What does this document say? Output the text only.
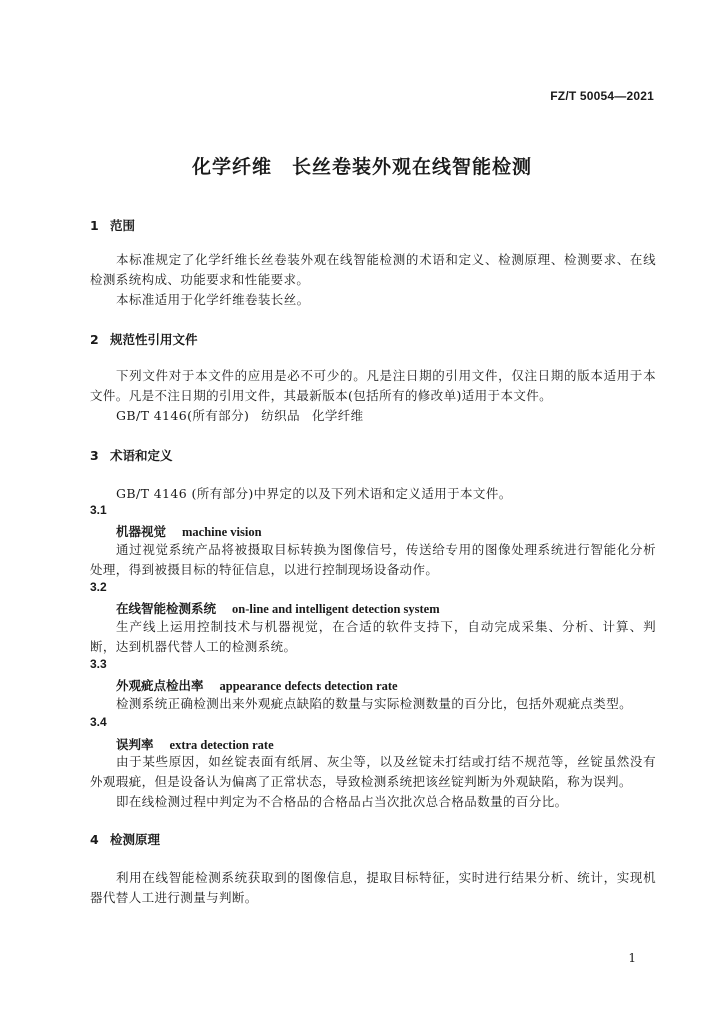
FZ/T 50054—2021
化学纤维 长丝卷装外观在线智能检测
1 范围
本标准规定了化学纤维长丝卷装外观在线智能检测的术语和定义、检测原理、检测要求、在线检测系统构成、功能要求和性能要求。
本标准适用于化学纤维卷装长丝。
2 规范性引用文件
下列文件对于本文件的应用是必不可少的。凡是注日期的引用文件，仅注日期的版本适用于本文件。凡是不注日期的引用文件，其最新版本(包括所有的修改单)适用于本文件。
GB/T 4146(所有部分) 纺织品 化学纤维
3 术语和定义
GB/T 4146 (所有部分)中界定的以及下列术语和定义适用于本文件。
3.1
机器视觉 machine vision
通过视觉系统产品将被摄取目标转换为图像信号，传送给专用的图像处理系统进行智能化分析处理，得到被摄目标的特征信息，以进行控制现场设备动作。
3.2
在线智能检测系统 on-line and intelligent detection system
生产线上运用控制技术与机器视觉，在合适的软件支持下，自动完成采集、分析、计算、判断，达到机器代替人工的检测系统。
3.3
外观疵点检出率 appearance defects detection rate
检测系统正确检测出来外观疵点缺陷的数量与实际检测数量的百分比，包括外观疵点类型。
3.4
误判率 extra detection rate
由于某些原因，如丝锭表面有纸屑、灰尘等，以及丝锭未打结或打结不规范等，丝锭虽然没有外观瑕疵，但是设备认为偏离了正常状态，导致检测系统把该丝锭判断为外观缺陷，称为误判。
即在线检测过程中判定为不合格品的合格品占当次批次总合格品数量的百分比。
4 检测原理
利用在线智能检测系统获取到的图像信息，提取目标特征，实时进行结果分析、统计，实现机器代替人工进行测量与判断。
1
